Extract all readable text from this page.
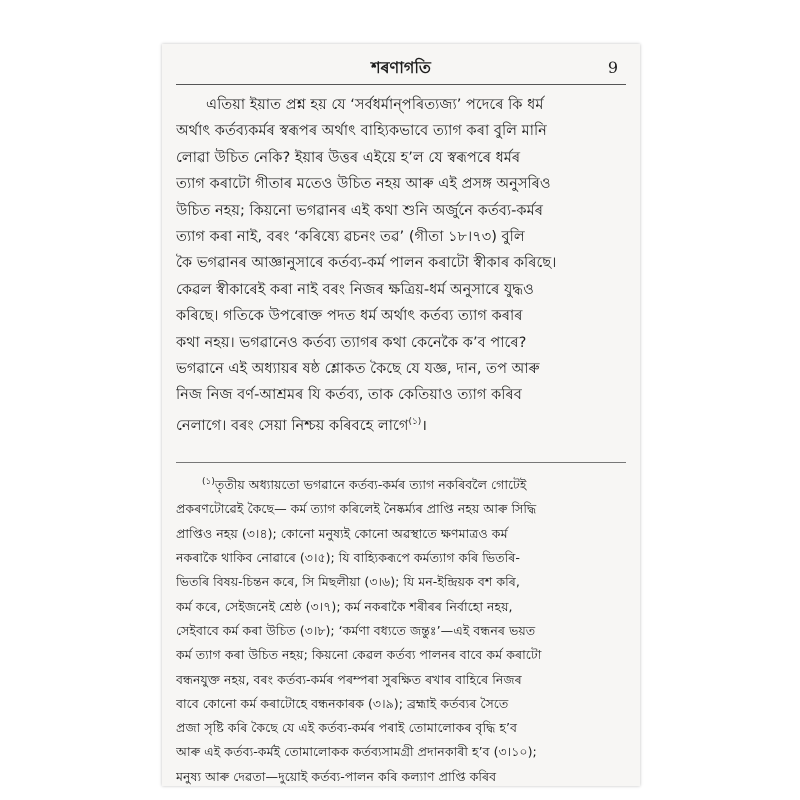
শৰণাগতি	9
এতিয়া ইয়াত প্ৰশ্ন হয় যে ‘সৰ্বধৰ্মান্‌পৰিত্যজ্য’ পদেৰে কি ধৰ্ম
অৰ্থাৎ কৰ্তব্যকৰ্মৰ স্বৰূপৰ অৰ্থাৎ বাহ্যিকভাবে ত্যাগ কৰা বুলি মানি
লোৱা উচিত নেকি? ইয়াৰ উত্তৰ এইয়ে হ’ল যে স্বৰূপৰে ধৰ্মৰ
ত্যাগ কৰাটো গীতাৰ মতেও উচিত নহয় আৰু এই প্ৰসঙ্গ অনুসৰিও
উচিত নহয়; কিয়নো ভগৱানৰ এই কথা শুনি অৰ্জুনে কৰ্তব্য-কৰ্মৰ
ত্যাগ কৰা নাই, বৰং ‘কৰিষ্যে ৱচনং তৱ’ (গীতা ১৮।৭৩) বুলি
কৈ ভগৱানৰ আজ্ঞানুসাৰে কৰ্তব্য-কৰ্ম পালন কৰাটো স্বীকাৰ কৰিছে।
কেৱল স্বীকাৰেই কৰা নাই বৰং নিজৰ ক্ষত্ৰিয়-ধৰ্ম অনুসাৰে যুদ্ধও
কৰিছে। গতিকে উপৰোক্ত পদত ধৰ্ম অৰ্থাৎ কৰ্তব্য ত্যাগ কৰাৰ
কথা নহয়। ভগৱানেও কৰ্তব্য ত্যাগৰ কথা কেনেকৈ ক’ব পাৰে?
ভগৱানে এই অধ্যায়ৰ ষষ্ঠ শ্লোকত কৈছে যে যজ্ঞ, দান, তপ আৰু
নিজ নিজ বৰ্ণ-আশ্ৰমৰ যি কৰ্তব্য, তাক কেতিয়াও ত্যাগ কৰিব
নেলাগে। বৰং সেয়া নিশ্চয় কৰিবহে লাগে$^{(১)}$।
$^{(১)}$তৃতীয় অধ্যায়তো ভগৱানে কৰ্তব্য-কৰ্মৰ ত্যাগ নকৰিবলৈ গোটেই
প্ৰকৰণটোৱেই কৈছে— কৰ্ম ত্যাগ কৰিলেই নৈষ্কৰ্ম্যৰ প্ৰাপ্তি নহয় আৰু সিদ্ধি
প্ৰাপ্তিও নহয় (৩।৪); কোনো মনুষ্যই কোনো অৱস্থাতে ক্ষণমাত্ৰও কৰ্ম
নকৰাকৈ থাকিব নোৱাৰে (৩।৫); যি বাহ্যিকৰূপে কৰ্মত্যাগ কৰি ভিতৰি-
ভিতৰি বিষয়-চিন্তন কৰে, সি মিছলীয়া (৩।৬); যি মন-ইন্দ্ৰিয়ক বশ কৰি,
কৰ্ম কৰে, সেইজনেই শ্ৰেষ্ঠ (৩।৭); কৰ্ম নকৰাকৈ শৰীৰৰ নিৰ্বাহো নহয়,
সেইবাবে কৰ্ম কৰা উচিত (৩।৮); ‘কৰ্মণা বধ্যতে জন্তুঃ’—এই বন্ধনৰ ভয়ত
কৰ্ম ত্যাগ কৰা উচিত নহয়; কিয়নো কেৱল কৰ্তব্য পালনৰ বাবে কৰ্ম কৰাটো
বন্ধনযুক্ত নহয়, বৰং কৰ্তব্য-কৰ্মৰ পৰম্পৰা সুৰক্ষিত ৰখাৰ বাহিৰে নিজৰ
বাবে কোনো কৰ্ম কৰাটোহে বন্ধনকাৰক (৩।৯); ব্ৰহ্মাই কৰ্তব্যৰ সৈতে
প্ৰজা সৃষ্টি কৰি কৈছে যে এই কৰ্তব্য-কৰ্মৰ পৰাই তোমালোকৰ বৃদ্ধি হ’ব
আৰু এই কৰ্তব্য-কৰ্মই তোমালোকক কৰ্তব্যসামগ্ৰী প্ৰদানকাৰী হ’ব (৩।১০);
মনুষ্য আৰু দেৱতা—দুয়োই কৰ্তব্য-পালন কৰি কল্যাণ প্ৰাপ্তি কৰিব
